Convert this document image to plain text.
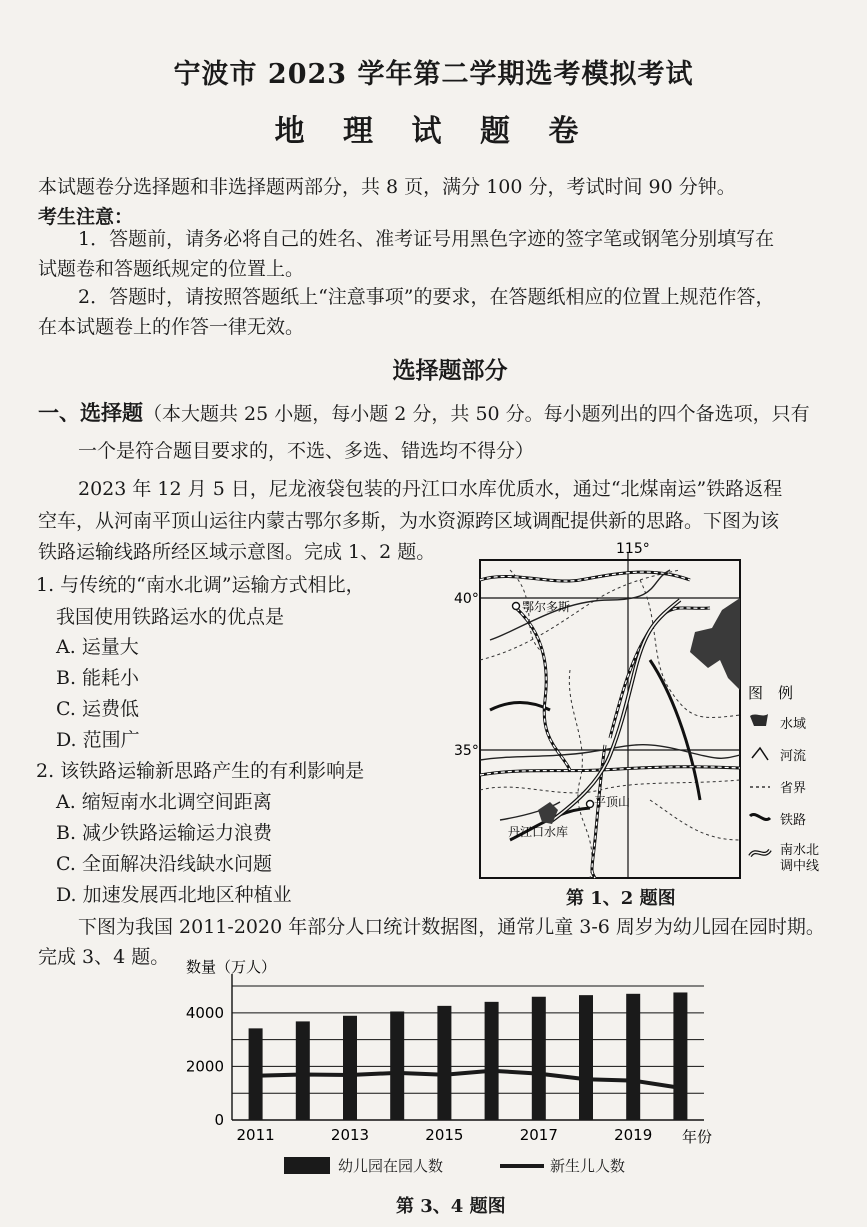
宁波市 2023 学年第二学期选考模拟考试
地 理 试 题 卷
本试题卷分选择题和非选择题两部分，共 8 页，满分 100 分，考试时间 90 分钟。
考生注意：
1．答题前，请务必将自己的姓名、准考证号用黑色字迹的签字笔或钢笔分别填写在
试题卷和答题纸规定的位置上。
2．答题时，请按照答题纸上“注意事项”的要求，在答题纸相应的位置上规范作答，
在本试题卷上的作答一律无效。
选择题部分
一、选择题（本大题共 25 小题，每小题 2 分，共 50 分。每小题列出的四个备选项，只有
一个是符合题目要求的，不选、多选、错选均不得分）
2023 年 12 月 5 日，尼龙液袋包装的丹江口水库优质水，通过“北煤南运”铁路返程
空车，从河南平顶山运往内蒙古鄂尔多斯，为水资源跨区域调配提供新的思路。下图为该
铁路运输线路所经区域示意图。完成 1、2 题。
1. 与传统的“南水北调”运输方式相比，
我国使用铁路运水的优点是
A. 运量大
B. 能耗小
C. 运费低
D. 范围广
2. 该铁路运输新思路产生的有利影响是
A. 缩短南水北调空间距离
B. 减少铁路运输运力浪费
C. 全面解决沿线缺水问题
D. 加速发展西北地区种植业
115°
40°
35°
鄂尔多斯
平顶山
丹江口水库
图　例
水域
河流
省界
铁路
南水北
调中线
第 1、2 题图
下图为我国 2011-2020 年部分人口统计数据图，通常儿童 3-6 周岁为幼儿园在园时期。
完成 3、4 题。 数量（万人）
年份
0
2000
4000
2011	2013	2015	2017	2019
幼儿园在园人数	新生儿人数
第 3、4 题图
